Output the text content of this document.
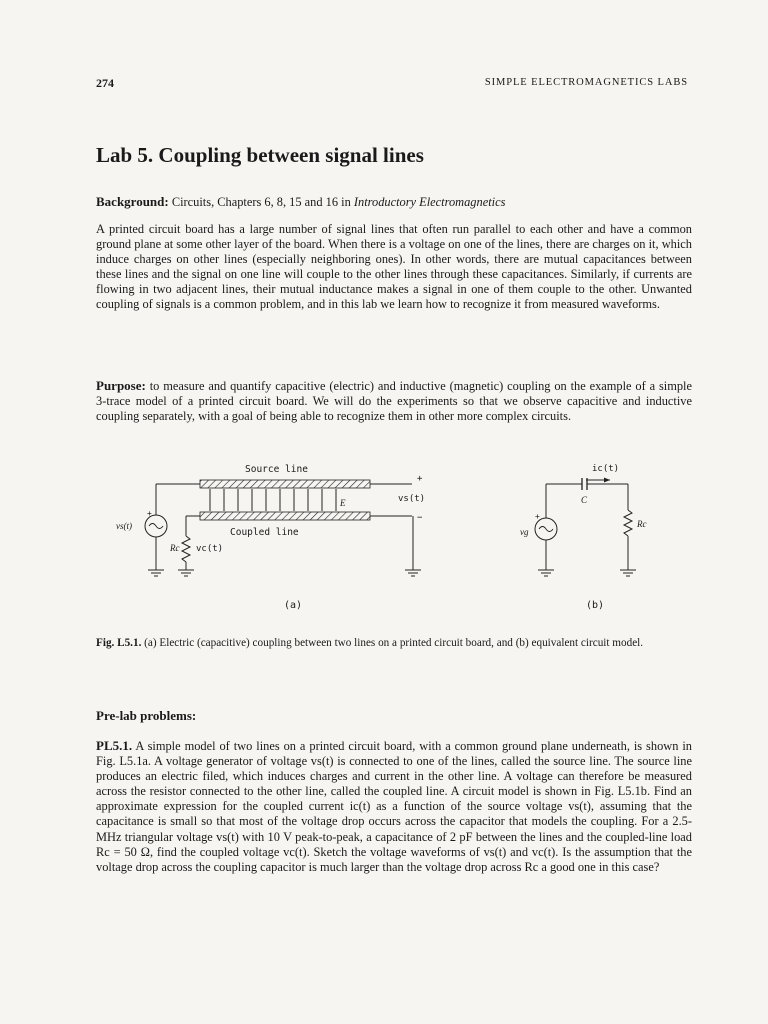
274	SIMPLE ELECTROMAGNETICS LABS
Lab 5. Coupling between signal lines

Background: Circuits, Chapters 6, 8, 15 and 16 in Introductory Electromagnetics

A printed circuit board has a large number of signal lines that often run parallel to each other and have a common ground plane at some other layer of the board. When there is a voltage on one of the lines, there are charges on it, which induce charges on other lines (especially neighboring ones). In other words, there are mutual capacitances between these lines and the signal on one line will couple to the other lines through these capacitances. Similarly, if currents are flowing in two adjacent lines, their mutual inductance makes a signal in one of them couple to the other. Unwanted coupling of signals is a common problem, and in this lab we learn how to recognize it from measured waveforms.

Purpose: to measure and quantify capacitive (electric) and inductive (magnetic) coupling on the example of a simple 3-trace model of a printed circuit board. We will do the experiments so that we observe capacitive and inductive coupling separately, with a goal of being able to recognize them in other more complex circuits.

Source line
E
Coupled line
+
vs(t)
−
+
vs(t)
Rc vc(t)
(a)
ic(t)
C
Rc
+
vg
(b)

Fig. L5.1. (a) Electric (capacitive) coupling between two lines on a printed circuit board, and (b) equivalent circuit model.

Pre-lab problems:

PL5.1. A simple model of two lines on a printed circuit board, with a common ground plane underneath, is shown in Fig. L5.1a. A voltage generator of voltage vs(t) is connected to one of the lines, called the source line. The source line produces an electric filed, which induces charges and current in the other line. A voltage can therefore be measured across the resistor connected to the other line, called the coupled line. A circuit model is shown in Fig. L5.1b. Find an approximate expression for the coupled current ic(t) as a function of the source voltage vs(t), assuming that the capacitance is small so that most of the voltage drop occurs across the capacitor that models the coupling. For a 2.5-MHz triangular voltage vs(t) with 10 V peak-to-peak, a capacitance of 2 pF between the lines and the coupled-line load Rc = 50 Ω, find the coupled voltage vc(t). Sketch the voltage waveforms of vs(t) and vc(t). Is the assumption that the voltage drop across the coupling capacitor is much larger than the voltage drop across Rc a good one in this case?
